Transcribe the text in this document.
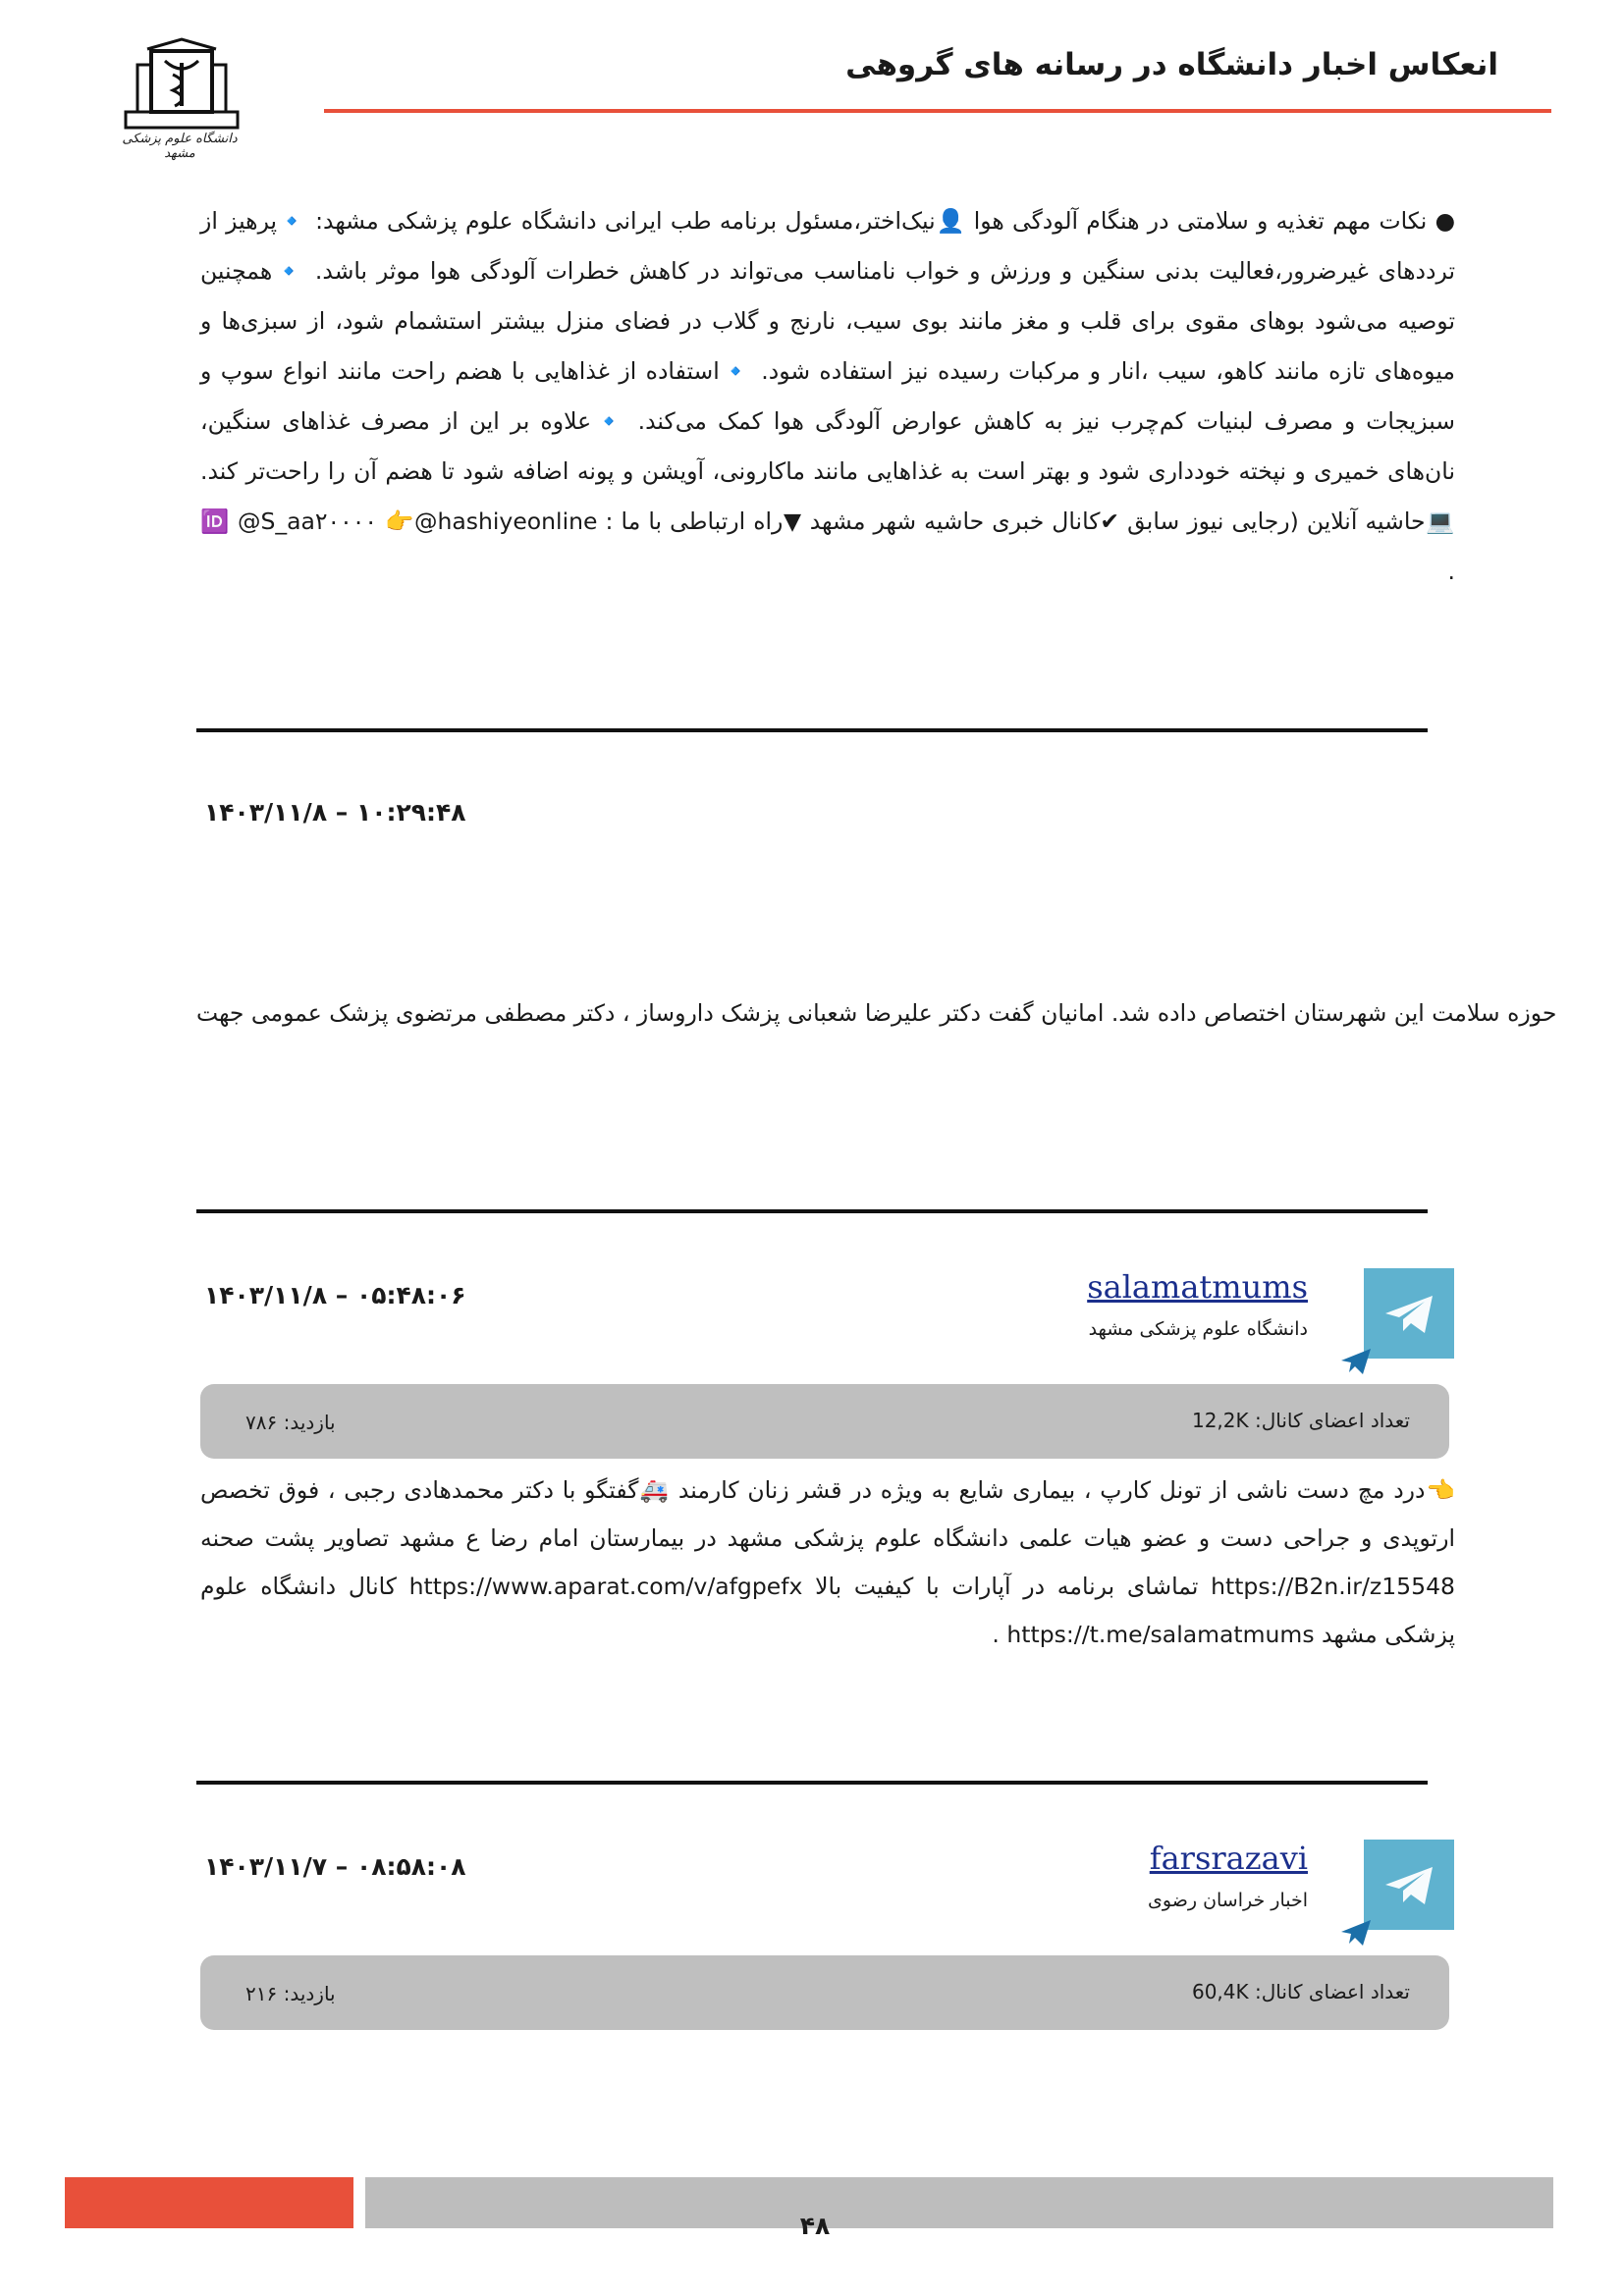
انعکاس اخبار دانشگاه در رسانه های گروهی
دانشگاه علوم پزشکی مشهد
● نکات مهم تغذیه و سلامتی در هنگام آلودگی هوا 👤نیک‌اختر،مسئول برنامه طب ایرانی دانشگاه علوم پزشکی مشهد: 🔹پرهیز از ترددهای غیرضرور،فعالیت بدنی سنگین و ورزش و خواب نامناسب می‌تواند در کاهش خطرات آلودگی هوا موثر باشد. 🔹همچنین توصیه می‌شود بوهای مقوی برای قلب و مغز مانند بوی سیب، نارنج و گلاب در فضای منزل بیشتر استشمام شود، از سبزی‌ها و میوه‌های تازه مانند کاهو، سیب ،انار و مرکبات رسیده نیز استفاده شود. 🔹استفاده از غذاهایی با هضم راحت مانند انواع سوپ و سبزیجات و مصرف لبنیات کم‌چرب نیز به کاهش عوارض آلودگی هوا کمک می‌کند. 🔹علاوه بر این از مصرف غذاهای سنگین، نان‌های خمیری و نپخته خودداری شود و بهتر است به غذاهایی مانند ماکارونی، آویشن و پونه اضافه شود تا هضم آن را راحت‌تر کند. 💻حاشیه آنلاین (رجایی نیوز سابق ✔کانال خبری حاشیه شهر مشهد ▼راه ارتباطی با ما : 🆔 @S_aa۲۰۰۰۰ 👉@hashiyeonline .
۱۴۰۳/۱۱/۸ – ۱۰:۲۹:۴۸
حوزه سلامت این شهرستان اختصاص داده شد. امانیان گفت دکتر علیرضا شعبانی پزشک داروساز ، دکتر مصطفی مرتضوی پزشک عمومی جهت
salamatmums
دانشگاه علوم پزشکی مشهد
۱۴۰۳/۱۱/۸ – ۰۵:۴۸:۰۶
تعداد اعضای کانال: 12,2K
بازدید: ۷۸۶
👈درد مچ دست ناشی از تونل کارپ ، بیماری شایع به ویژه در قشر زنان کارمند 🚑گفتگو با دکتر محمدهادی رجبی ، فوق تخصص ارتوپدی و جراحی دست و عضو هیات علمی دانشگاه علوم پزشکی مشهد در بیمارستان امام رضا ع مشهد تصاویر پشت صحنه https://B2n.ir/z15548 تماشای برنامه در آپارات با کیفیت بالا https://www.aparat.com/v/afgpefx کانال دانشگاه علوم پزشکی مشهد https://t.me/salamatmums .
farsrazavi
اخبار خراسان رضوی
۱۴۰۳/۱۱/۷ – ۰۸:۵۸:۰۸
تعداد اعضای کانال: 60,4K
بازدید: ۲۱۶
۴۸
